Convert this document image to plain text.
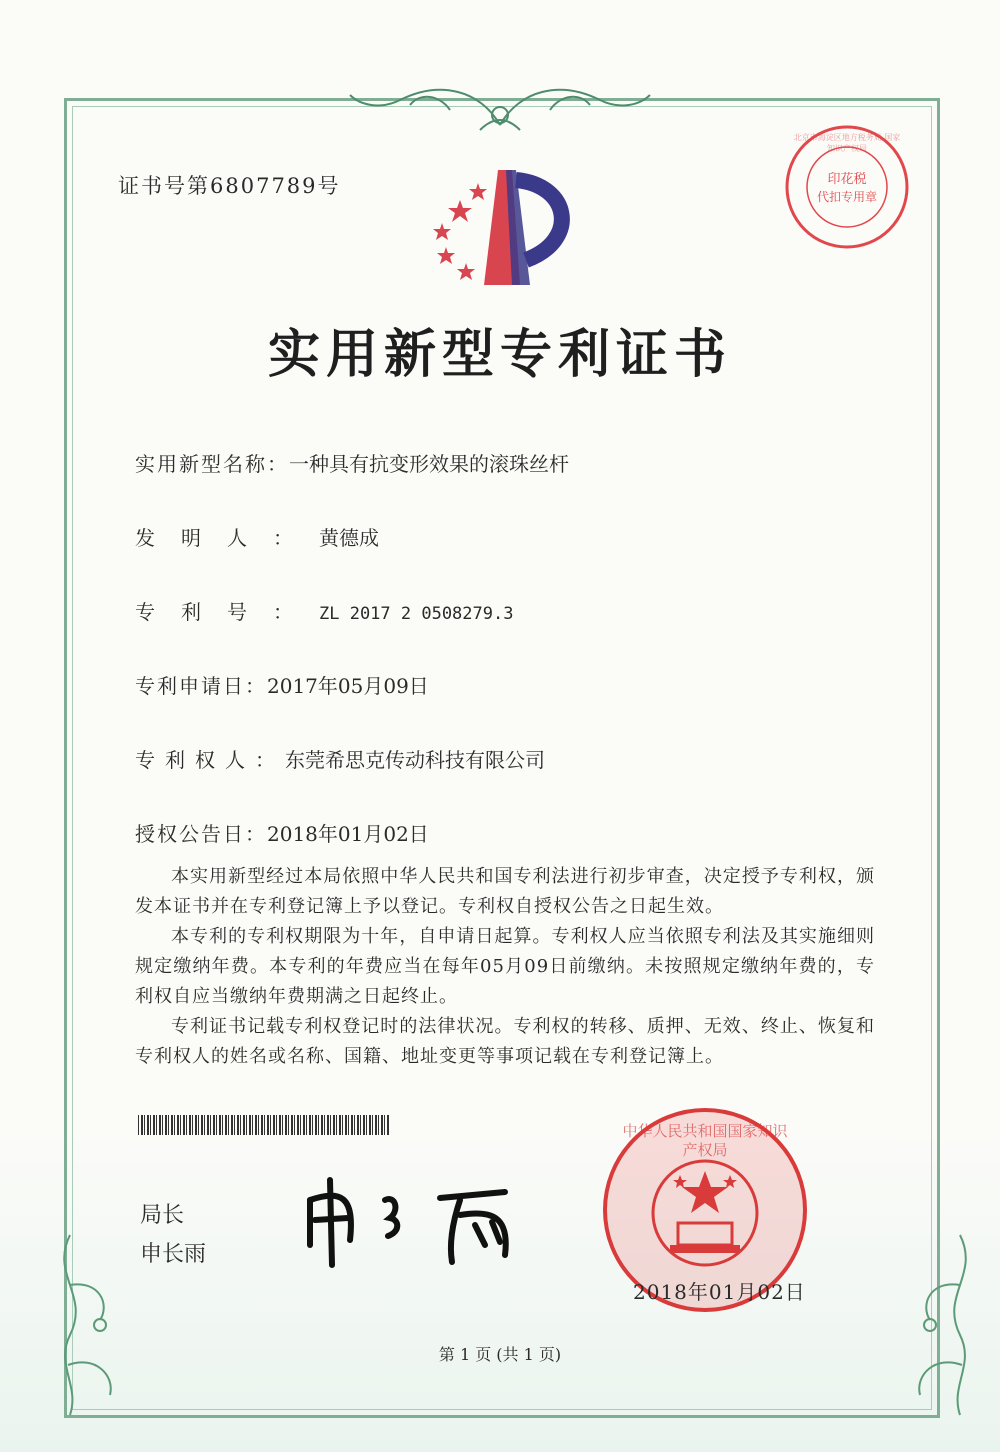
证书号第6807789号
实用新型专利证书
实用新型名称：一种具有抗变形效果的滚珠丝杆
发明人：黄德成
专利号：ZL 2017 2 0508279.3
专利申请日：2017年05月09日
专利权人：东莞希思克传动科技有限公司
授权公告日：2018年01月02日
本实用新型经过本局依照中华人民共和国专利法进行初步审查，决定授予专利权，颁发本证书并在专利登记簿上予以登记。专利权自授权公告之日起生效。
本专利的专利权期限为十年，自申请日起算。专利权人应当依照专利法及其实施细则规定缴纳年费。本专利的年费应当在每年05月09日前缴纳。未按照规定缴纳年费的，专利权自应当缴纳年费期满之日起终止。
专利证书记载专利权登记时的法律状况。专利权的转移、质押、无效、终止、恢复和专利权人的姓名或名称、国籍、地址变更等事项记载在专利登记簿上。
局长
申长雨
北京市海淀区地方税务局 国家知识产权局
印花税
代扣专用章
中华人民共和国国家知识产权局
2018年01月02日
第 1 页 (共 1 页)
